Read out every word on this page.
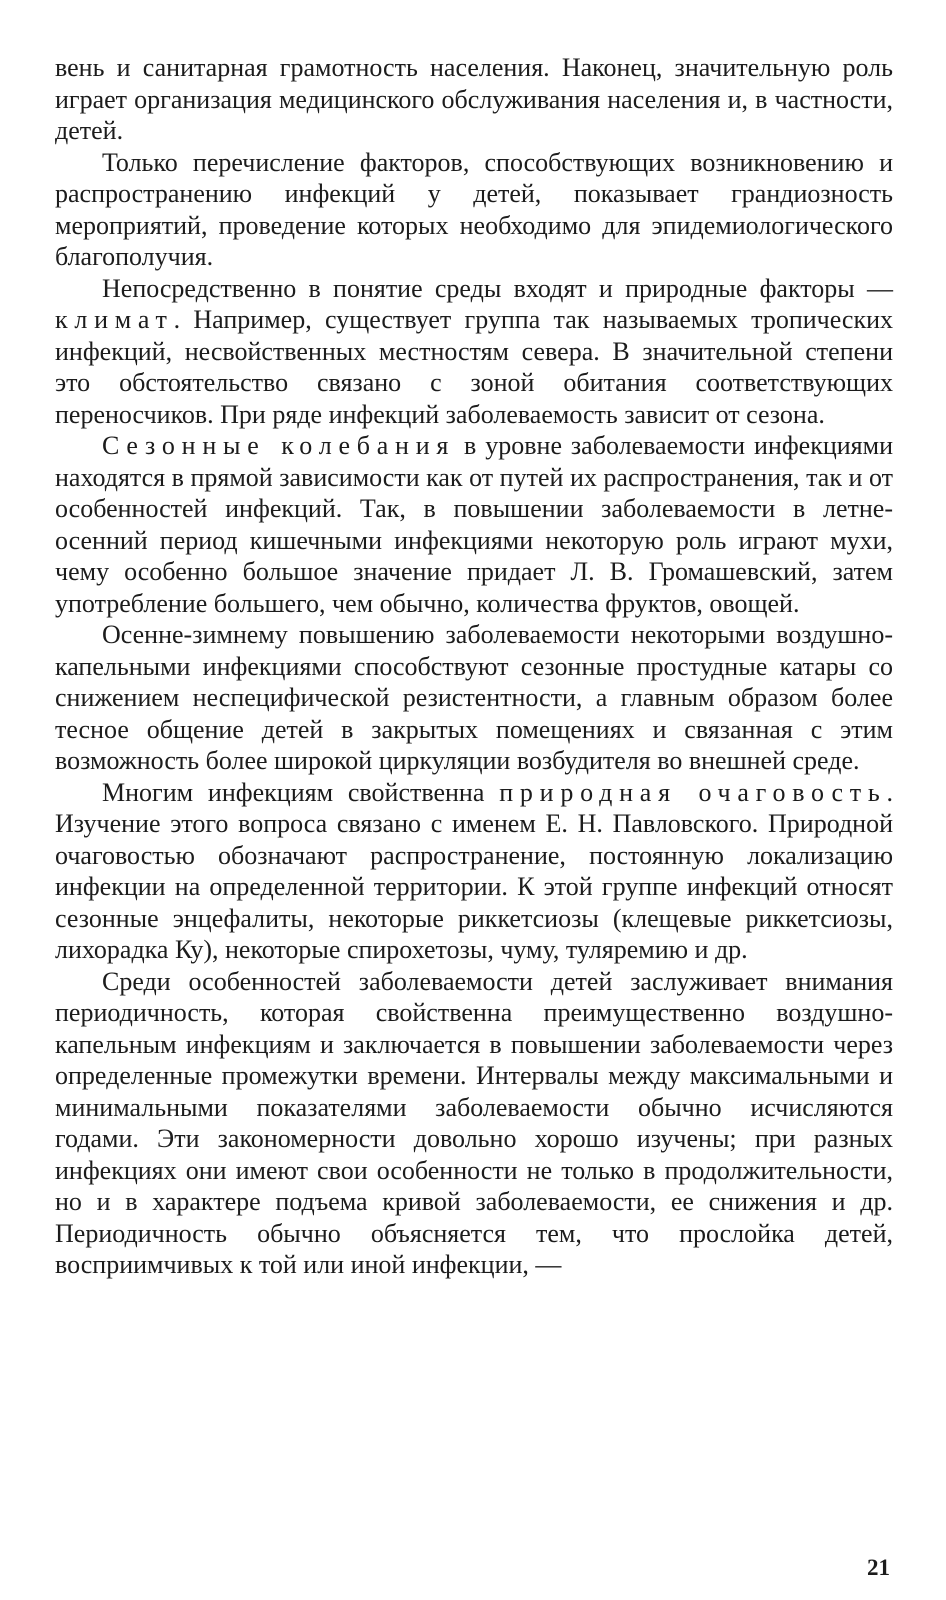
вень и санитарная грамотность населения. Наконец, значительную роль играет организация медицинского обслуживания населения и, в частности, детей.

Только перечисление факторов, способствующих возникновению и распространению инфекций у детей, показывает грандиозность мероприятий, проведение которых необходимо для эпидемиологического благополучия.

Непосредственно в понятие среды входят и природные факторы — климат. Например, существует группа так называемых тропических инфекций, несвойственных местностям севера. В значительной степени это обстоятельство связано с зоной обитания соответствующих переносчиков. При ряде инфекций заболеваемость зависит от сезона.

Сезонные колебания в уровне заболеваемости инфекциями находятся в прямой зависимости как от путей их распространения, так и от особенностей инфекций. Так, в повышении заболеваемости в летне-осенний период кишечными инфекциями некоторую роль играют мухи, чему особенно большое значение придает Л. В. Громашевский, затем употребление большего, чем обычно, количества фруктов, овощей.

Осенне-зимнему повышению заболеваемости некоторыми воздушно-капельными инфекциями способствуют сезонные простудные катары со снижением неспецифической резистентности, а главным образом более тесное общение детей в закрытых помещениях и связанная с этим возможность более широкой циркуляции возбудителя во внешней среде.

Многим инфекциям свойственна природная очаговость. Изучение этого вопроса связано с именем Е. Н. Павловского. Природной очаговостью обозначают распространение, постоянную локализацию инфекции на определенной территории. К этой группе инфекций относят сезонные энцефалиты, некоторые риккетсиозы (клещевые риккетсиозы, лихорадка Ку), некоторые спирохетозы, чуму, туляремию и др.

Среди особенностей заболеваемости детей заслуживает внимания периодичность, которая свойственна преимущественно воздушно-капельным инфекциям и заключается в повышении заболеваемости через определенные промежутки времени. Интервалы между максимальными и минимальными показателями заболеваемости обычно исчисляются годами. Эти закономерности довольно хорошо изучены; при разных инфекциях они имеют свои особенности не только в продолжительности, но и в характере подъема кривой заболеваемости, ее снижения и др. Периодичность обычно объясняется тем, что прослойка детей, восприимчивых к той или иной инфекции, —

21
